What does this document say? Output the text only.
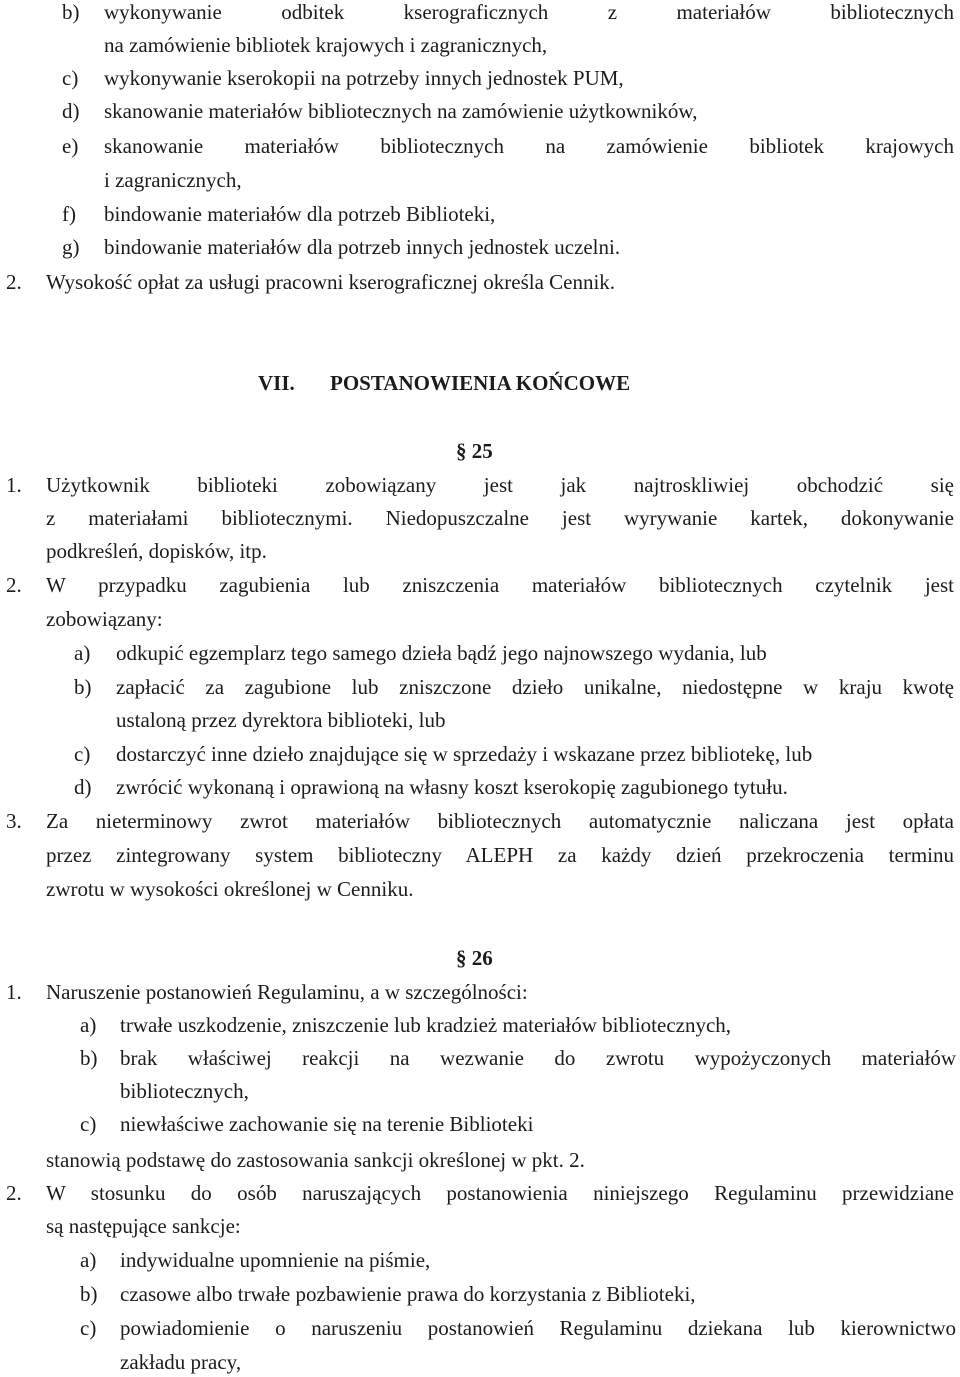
b) wykonywanie odbitek kserograficznych z materiałów bibliotecznych
na zamówienie bibliotek krajowych i zagranicznych,
c) wykonywanie kserokopii na potrzeby innych jednostek PUM,
d) skanowanie materiałów bibliotecznych na zamówienie użytkowników,
e) skanowanie materiałów bibliotecznych na zamówienie bibliotek krajowych
i zagranicznych,
f) bindowanie materiałów dla potrzeb Biblioteki,
g) bindowanie materiałów dla potrzeb innych jednostek uczelni.
2. Wysokość opłat za usługi pracowni kserograficznej określa Cennik.
VII. POSTANOWIENIA KOŃCOWE
§ 25
1. Użytkownik biblioteki zobowiązany jest jak najtroskliwiej obchodzić się
z materiałami bibliotecznymi. Niedopuszczalne jest wyrywanie kartek, dokonywanie
podkreśleń, dopisków, itp.
2. W przypadku zagubienia lub zniszczenia materiałów bibliotecznych czytelnik jest
zobowiązany:
a) odkupić egzemplarz tego samego dzieła bądź jego najnowszego wydania, lub
b) zapłacić za zagubione lub zniszczone dzieło unikalne, niedostępne w kraju kwotę
ustaloną przez dyrektora biblioteki, lub
c) dostarczyć inne dzieło znajdujące się w sprzedaży i wskazane przez bibliotekę, lub
d) zwrócić wykonaną i oprawioną na własny koszt kserokopię zagubionego tytułu.
3. Za nieterminowy zwrot materiałów bibliotecznych automatycznie naliczana jest opłata
przez zintegrowany system biblioteczny ALEPH za każdy dzień przekroczenia terminu
zwrotu w wysokości określonej w Cenniku.
§ 26
1. Naruszenie postanowień Regulaminu, a w szczególności:
a) trwałe uszkodzenie, zniszczenie lub kradzież materiałów bibliotecznych,
b) brak właściwej reakcji na wezwanie do zwrotu wypożyczonych materiałów
bibliotecznych,
c) niewłaściwe zachowanie się na terenie Biblioteki
stanowią podstawę do zastosowania sankcji określonej w pkt. 2.
2. W stosunku do osób naruszających postanowienia niniejszego Regulaminu przewidziane
są następujące sankcje:
a) indywidualne upomnienie na piśmie,
b) czasowe albo trwałe pozbawienie prawa do korzystania z Biblioteki,
c) powiadomienie o naruszeniu postanowień Regulaminu dziekana lub kierownictwo
zakładu pracy,
